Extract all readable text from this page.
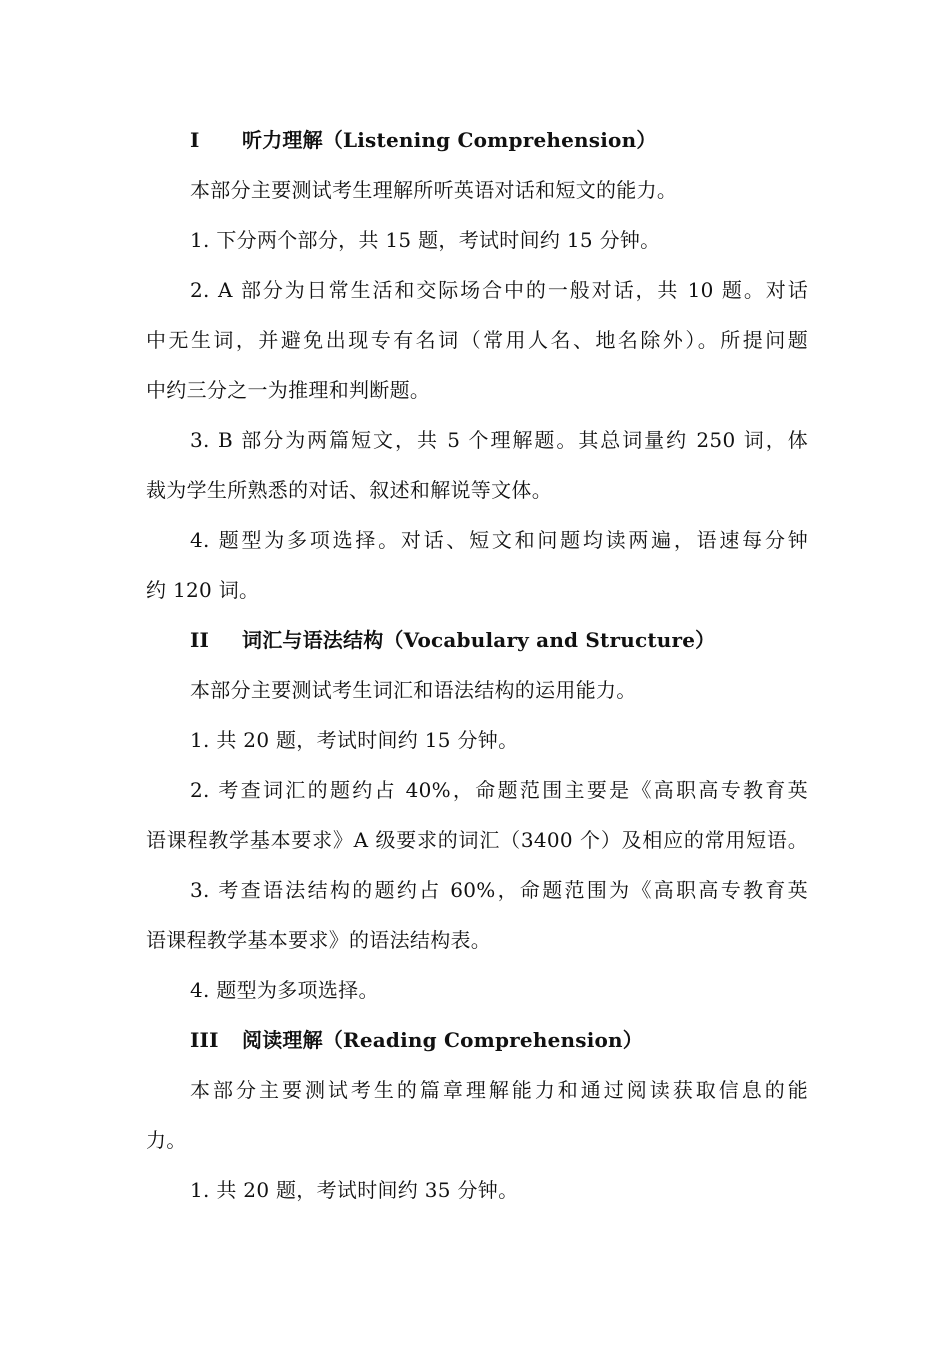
I 听力理解（Listening Comprehension）

本部分主要测试考生理解所听英语对话和短文的能力。

1. 下分两个部分，共 15 题，考试时间约 15 分钟。

2. A 部分为日常生活和交际场合中的一般对话，共 10 题。对话

中无生词，并避免出现专有名词（常用人名、地名除外）。所提问题

中约三分之一为推理和判断题。

3. B 部分为两篇短文，共 5 个理解题。其总词量约 250 词，体

裁为学生所熟悉的对话、叙述和解说等文体。

4. 题型为多项选择。对话、短文和问题均读两遍，语速每分钟

约 120 词。

II 词汇与语法结构（Vocabulary and Structure）

本部分主要测试考生词汇和语法结构的运用能力。

1. 共 20 题，考试时间约 15 分钟。

2. 考查词汇的题约占 40%，命题范围主要是《高职高专教育英

语课程教学基本要求》A 级要求的词汇（3400 个）及相应的常用短语。

3. 考查语法结构的题约占 60%，命题范围为《高职高专教育英

语课程教学基本要求》的语法结构表。

4. 题型为多项选择。

III 阅读理解（Reading Comprehension）

本部分主要测试考生的篇章理解能力和通过阅读获取信息的能

力。

1. 共 20 题，考试时间约 35 分钟。
